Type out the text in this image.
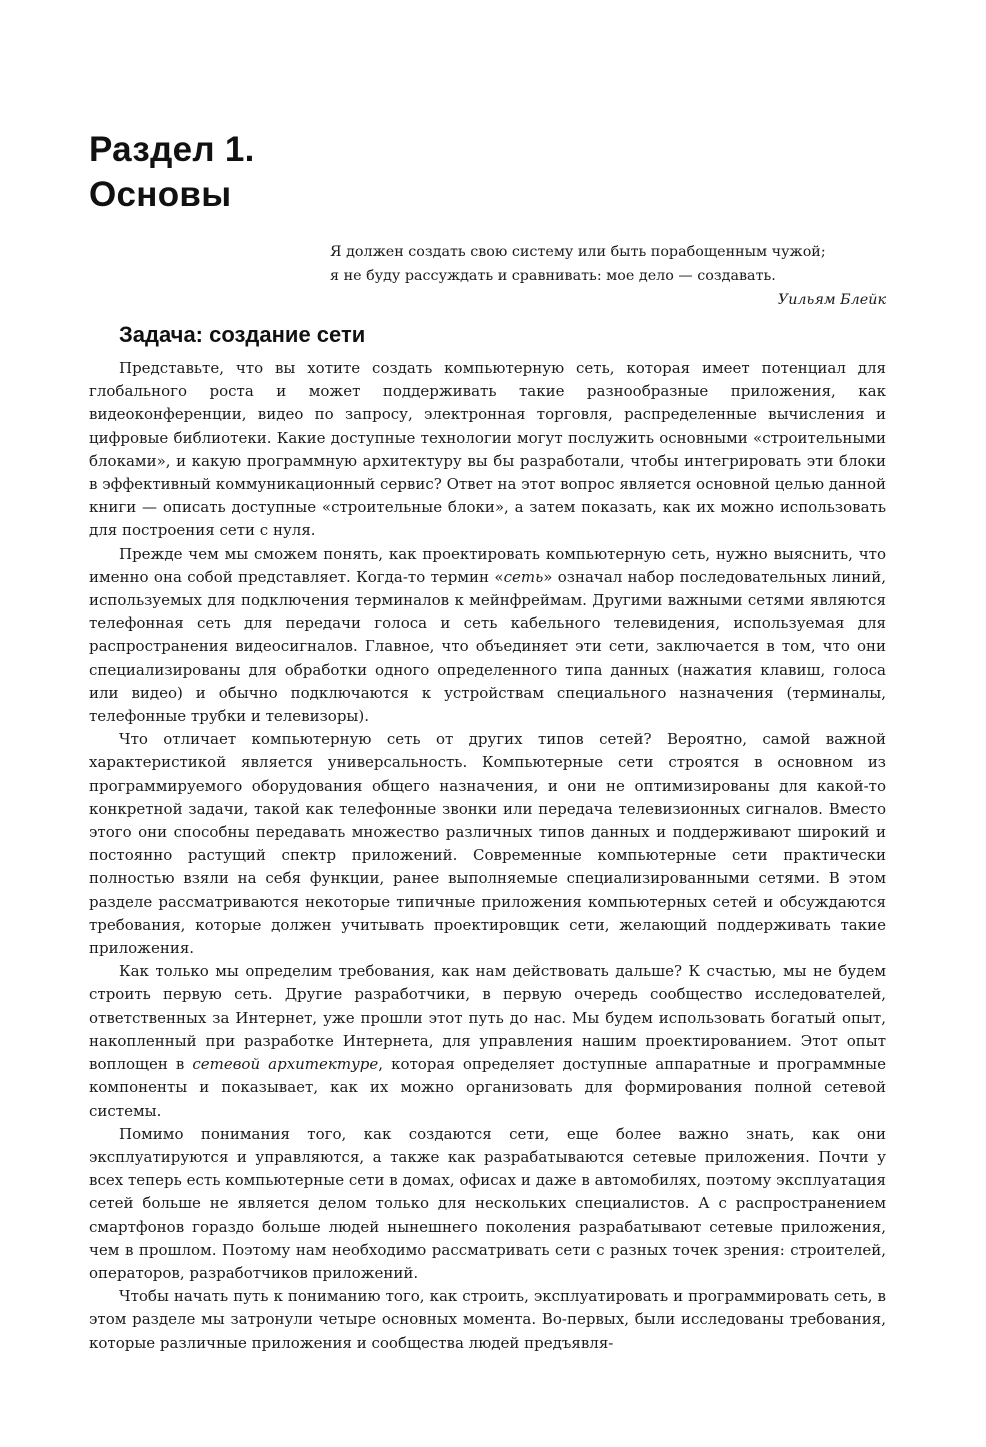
Раздел 1.
Основы
Я должен создать свою систему или быть порабощенным чужой;
я не буду рассуждать и сравнивать: мое дело — создавать.
Уильям Блейк
Задача: создание сети

Представьте, что вы хотите создать компьютерную сеть, которая имеет потенциал для глобального роста и может поддерживать такие разнообразные приложения, как видеоконференции, видео по запросу, электронная торговля, распределенные вычисления и цифровые библиотеки. Какие доступные технологии могут послужить основными «строительными блоками», и какую программную архитектуру вы бы разработали, чтобы интегрировать эти блоки в эффективный коммуникационный сервис? Ответ на этот вопрос является основной целью данной книги — описать доступные «строительные блоки», а затем показать, как их можно использовать для построения сети с нуля.

Прежде чем мы сможем понять, как проектировать компьютерную сеть, нужно выяснить, что именно она собой представляет. Когда-то термин «сеть» означал набор последовательных линий, используемых для подключения терминалов к мейнфреймам. Другими важными сетями являются телефонная сеть для передачи голоса и сеть кабельного телевидения, используемая для распространения видеосигналов. Главное, что объединяет эти сети, заключается в том, что они специализированы для обработки одного определенного типа данных (нажатия клавиш, голоса или видео) и обычно подключаются к устройствам специального назначения (терминалы, телефонные трубки и телевизоры).

Что отличает компьютерную сеть от других типов сетей? Вероятно, самой важной характеристикой является универсальность. Компьютерные сети строятся в основном из программируемого оборудования общего назначения, и они не оптимизированы для какой-то конкретной задачи, такой как телефонные звонки или передача телевизионных сигналов. Вместо этого они способны передавать множество различных типов данных и поддерживают широкий и постоянно растущий спектр приложений. Современные компьютерные сети практически полностью взяли на себя функции, ранее выполняемые специализированными сетями. В этом разделе рассматриваются некоторые типичные приложения компьютерных сетей и обсуждаются требования, которые должен учитывать проектировщик сети, желающий поддерживать такие приложения.

Как только мы определим требования, как нам действовать дальше? К счастью, мы не будем строить первую сеть. Другие разработчики, в первую очередь сообщество исследователей, ответственных за Интернет, уже прошли этот путь до нас. Мы будем использовать богатый опыт, накопленный при разработке Интернета, для управления нашим проектированием. Этот опыт воплощен в сетевой архитектуре, которая определяет доступные аппаратные и программные компоненты и показывает, как их можно организовать для формирования полной сетевой системы.

Помимо понимания того, как создаются сети, еще более важно знать, как они эксплуатируются и управляются, а также как разрабатываются сетевые приложения. Почти у всех теперь есть компьютерные сети в домах, офисах и даже в автомобилях, поэтому эксплуатация сетей больше не является делом только для нескольких специалистов. А с распространением смартфонов гораздо больше людей нынешнего поколения разрабатывают сетевые приложения, чем в прошлом. Поэтому нам необходимо рассматривать сети с разных точек зрения: строителей, операторов, разработчиков приложений.

Чтобы начать путь к пониманию того, как строить, эксплуатировать и программировать сеть, в этом разделе мы затронули четыре основных момента. Во-первых, были исследованы требования, которые различные приложения и сообщества людей предъявля-
